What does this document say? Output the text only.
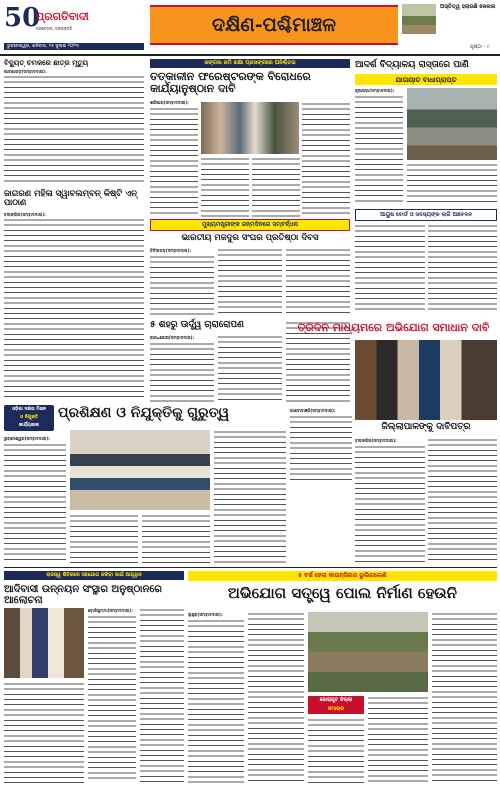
50
ପ୍ରଗତିବାଦୀ
ଜନଚେତନା, ଜନଉନ୍ନତି
ଭୁବନେଶ୍ୱର, ଶନିବାର, ୧୫ ଜୁଲାଇ ୨୦୨୩
ଦକ୍ଷିଣ-ପଶ୍ଚିମାଞ୍ଚଳ
ଅସ୍ତିତ୍ୱ ହରାଉଛି କେନାଲ
ପୃଷ୍ଠା - ୯
ବିଦ୍ୟୁତ୍ ଚମକରେ ଛାତ୍ର ମୃତ୍ୟୁ
ପାଟଣାଗଡ଼(ସମ୍ବାଦଦାତା):
ଜାଗରଣ ମହିଳା ସ୍ୱାବଲମ୍ବନ୍ କିଷ୍ଟି ଏନ୍ ପାଠାଣ
ବଲାଙ୍ଗିର(ସମ୍ବାଦଦାତା):
ଜଙ୍ଗଲ ଜମି ରକ୍ଷା ପ୍ରସଙ୍ଗରେ ଅନିଶ୍ଚିତତା
ତତ୍କାଳୀନ ଫରେଷ୍ଟରଙ୍କ ବିରୋଧରେ କାର୍ଯ୍ୟାନୁଷ୍ଠାନ ଦାବି
ଖରିଆର(ସମ୍ବାଦଦାତା):
ମୁଖ୍ୟମନ୍ତ୍ରୀଙ୍କ ଜନ୍ମଦିନରେ ସମ୍ବର୍ଦ୍ଧନା
ଭାରତୀୟ ମଜଦୁର ସଂଘର ପ୍ରତିଷ୍ଠା ଦିବସ
ଟିଟିଲାଗଡ଼(ସମ୍ବାଦଦାତା):
୫ ଶହରୁ ଊର୍ଦ୍ଧ୍ୱ ଚାରାରୋପଣ
କାନ୍ଧଜୋର(ସମ୍ବାଦଦାତା):
ଆଦର୍ଶ ବିଦ୍ୟାଳୟ ରାସ୍ତାରେ ପାଣି
ଯାତାୟାତ ବାଧାପ୍ରାପ୍ତ
ନୂଆପଡ଼ା(ସମ୍ବାଦଦାତା):
ଆୟୁଷ ବୋର୍ଡ ଓ ସଦସ୍ୟଙ୍କ ଲାଗି ଆବେଦନ
ତ୍ରିଦିନ ମାଧ୍ୟମରେ ଅଭିଯୋଗ ସମାଧାନ ଦାବି
କାଣ୍ଟାବାଞ୍ଜି(ସମ୍ବାଦଦାତା):
ଜିଲ୍ଲାପାଳଙ୍କୁ ଦାବିପତ୍ର
ବଲାଙ୍ଗିର(ସମ୍ବାଦଦାତା):
ଓଡ଼ିଶା ଦକ୍ଷତା ମିଶନ
ଓ ନିଯୁକ୍ତି
କାର୍ଯ୍ୟଶାଳା
ପ୍ରଶିକ୍ଷଣ ଓ ନିଯୁକ୍ତିକୁ ଗୁରୁତ୍ୱ
ଭୁବନେଶ୍ୱର(ସମ୍ବାଦଦାତା):
ରାଜସ୍ୱ ଶିବିରରେ ସହଯୋଗ କରିବା ପାଇଁ ଆହ୍ୱାନ
ଆଦିବାସୀ ଉନ୍ନୟନ ସଂସ୍ଥାର ଅନୁଷ୍ଠାନରେ ଆଲୋଚନା
ବୋରିଗୁମ୍ମା(ସମ୍ବାଦଦାତା):
୫ ବର୍ଷ ହେଲା କାଉନ୍ସିଲର ଭୁଲିଗଲେଣି
ଅଭିଯୋଗ ସତ୍ତ୍ୱେ ପୋଲ ନିର୍ମାଣ ହେଉନି
ଲୁହୁରା(ସମ୍ବାଦଦାତା):
କୋରାପୁଟ ଜିଲ୍ଲା
ସମାଚାର
